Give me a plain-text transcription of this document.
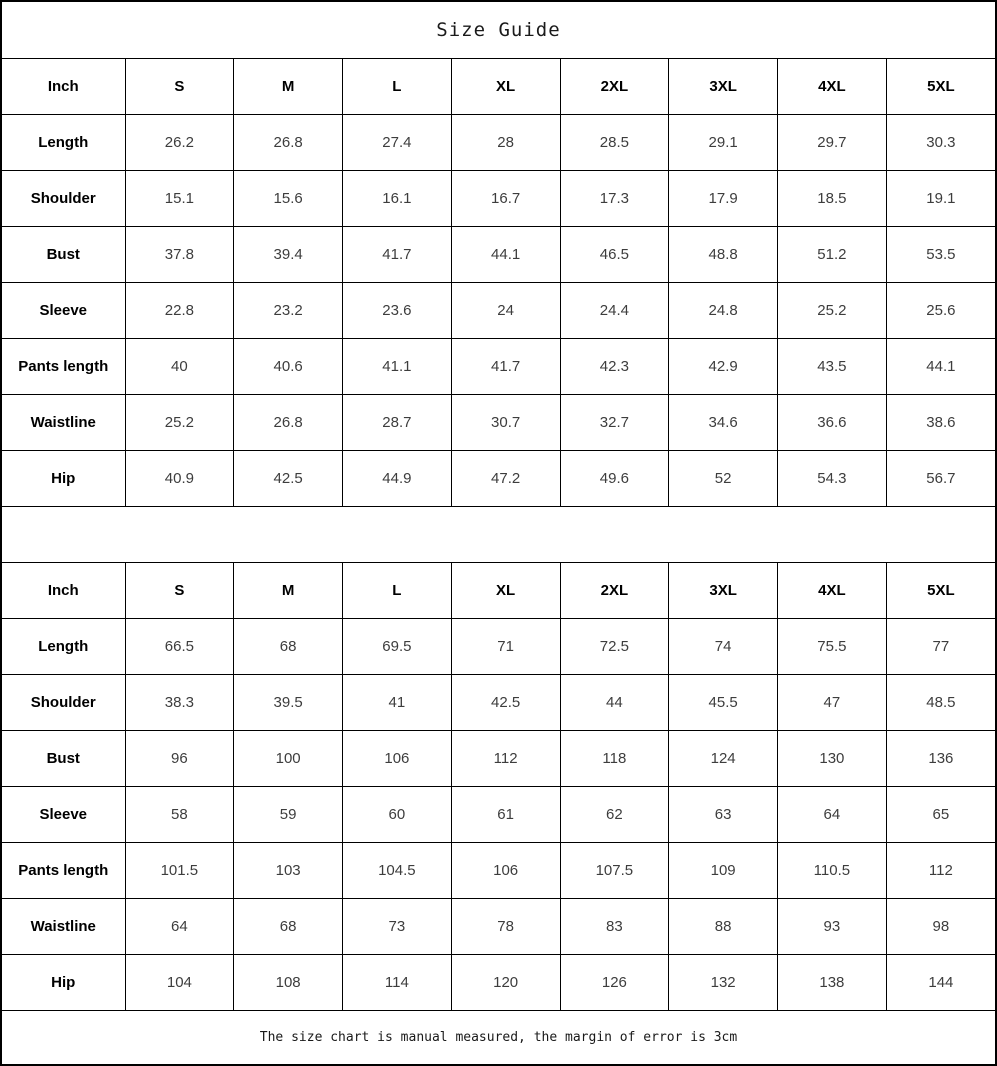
Size Guide
Inch	S	M	L	XL	2XL	3XL	4XL	5XL
Length	26.2	26.8	27.4	28	28.5	29.1	29.7	30.3
Shoulder	15.1	15.6	16.1	16.7	17.3	17.9	18.5	19.1
Bust	37.8	39.4	41.7	44.1	46.5	48.8	51.2	53.5
Sleeve	22.8	23.2	23.6	24	24.4	24.8	25.2	25.6
Pants length	40	40.6	41.1	41.7	42.3	42.9	43.5	44.1
Waistline	25.2	26.8	28.7	30.7	32.7	34.6	36.6	38.6
Hip	40.9	42.5	44.9	47.2	49.6	52	54.3	56.7
Inch	S	M	L	XL	2XL	3XL	4XL	5XL
Length	66.5	68	69.5	71	72.5	74	75.5	77
Shoulder	38.3	39.5	41	42.5	44	45.5	47	48.5
Bust	96	100	106	112	118	124	130	136
Sleeve	58	59	60	61	62	63	64	65
Pants length	101.5	103	104.5	106	107.5	109	110.5	112
Waistline	64	68	73	78	83	88	93	98
Hip	104	108	114	120	126	132	138	144
The size chart is manual measured, the margin of error is 3cm
